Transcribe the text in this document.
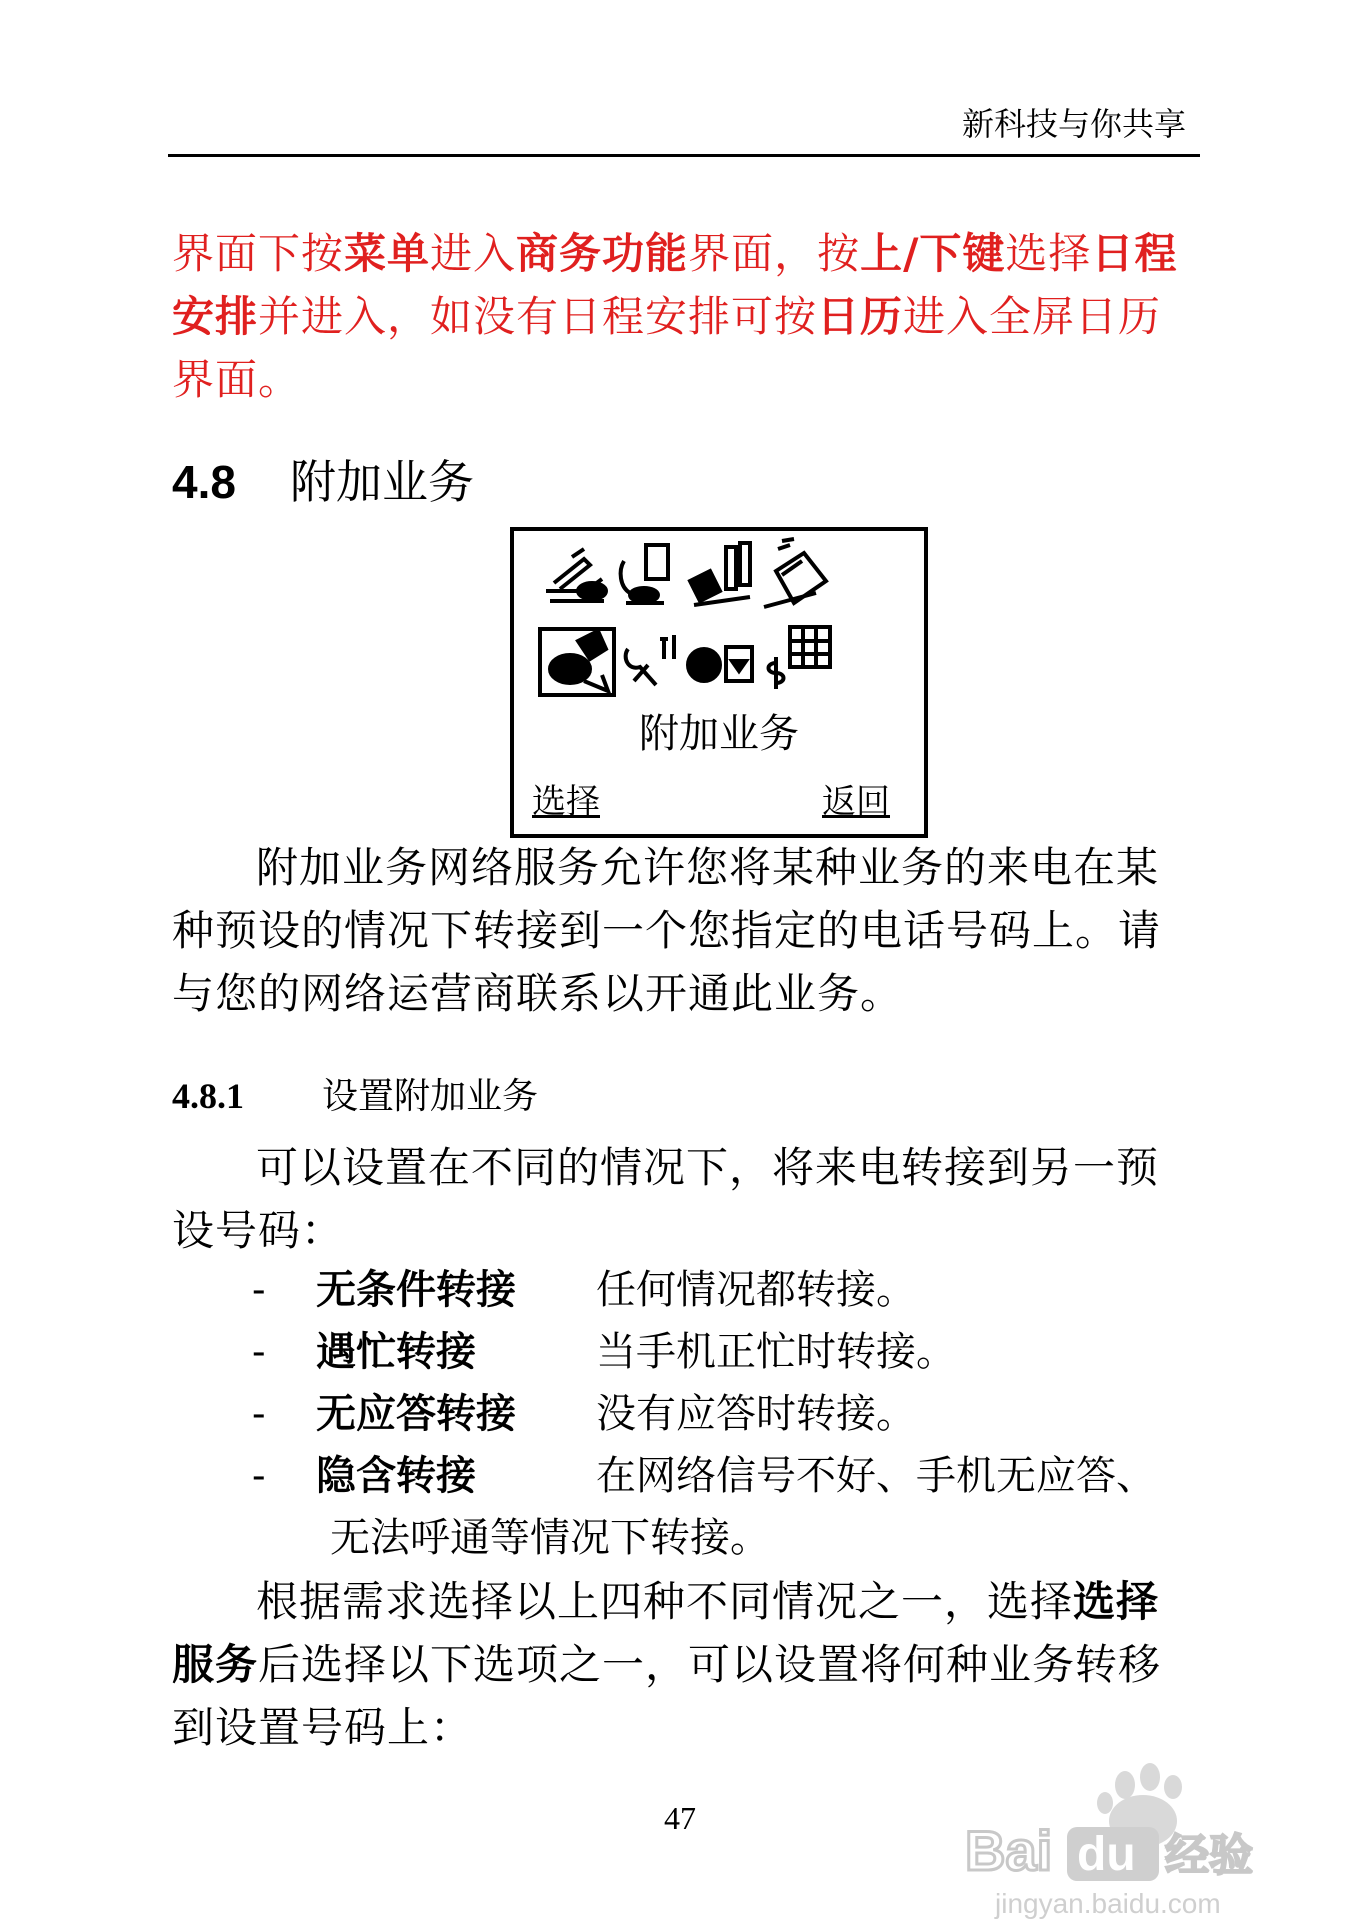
新科技与你共享
界面下按菜单进入商务功能界面，按上/下键选择日程安排并进入，如没有日程安排可按日历进入全屏日历界面。
4.8 附加业务
附加业务
选择	返回
附加业务网络服务允许您将某种业务的来电在某种预设的情况下转接到一个您指定的电话号码上。请与您的网络运营商联系以开通此业务。
4.8.1 设置附加业务
可以设置在不同的情况下，将来电转接到另一预设号码：
- 无条件转接 任何情况都转接。
- 遇忙转接	当手机正忙时转接。
- 无应答转接 没有应答时转接。
- 隐含转接	在网络信号不好、手机无应答、
无法呼通等情况下转接。
根据需求选择以上四种不同情况之一，选择选择服务后选择以下选项之一，可以设置将何种业务转移到设置号码上：
47
Bai du 经验
jingyan.baidu.com
